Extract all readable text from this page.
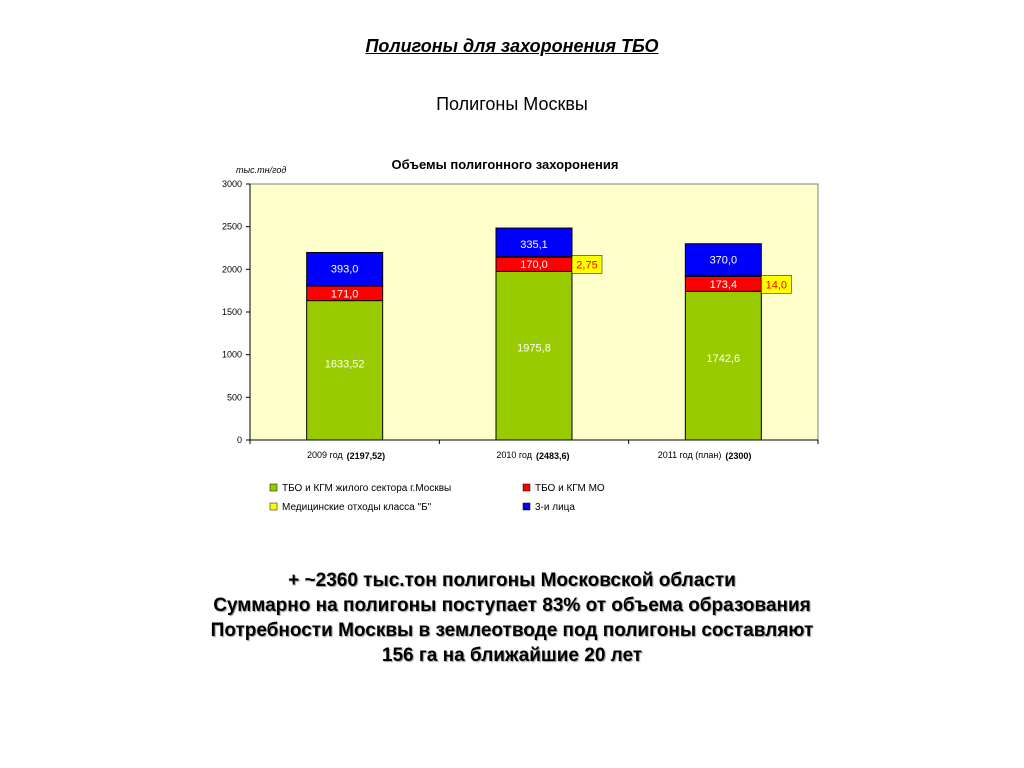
Полигоны для захоронения ТБО
Полигоны Москвы
Объемы полигонного захоронения
тыс.тн/год
0
500
1000
1500
2000
2500
3000
1633,52
171,0
393,0
2009 год (2197,52)
1975,8
170,0	2,75
335,1
2010 год (2483,6)
1742,6
173,4	14,0
370,0
2011 год (план) (2300)
ТБО и КГМ жилого сектора г.Москвы	ТБО и КГМ МО
Медицинские отходы класса "Б"	3-и лица
+ ~2360 тыс.тон полигоны Московской области
Суммарно на полигоны поступает 83% от объема образования
Потребности Москвы в землеотводе под полигоны составляют
156 га на ближайшие 20 лет
